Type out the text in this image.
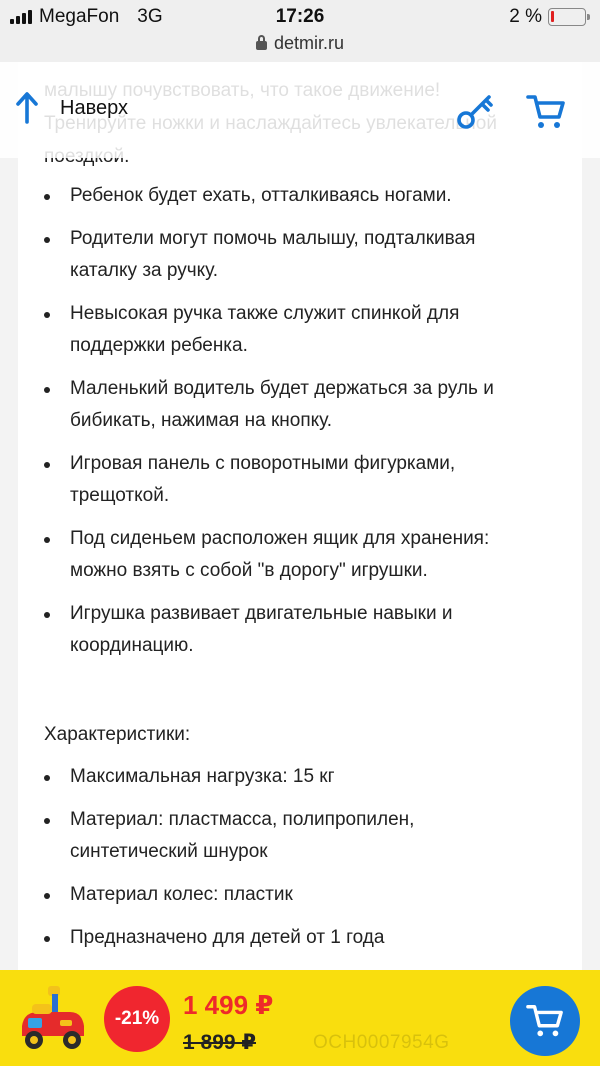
MegaFon 3G	17:26
detmir.ru
2 %
Ребенок будет ехать, отталкиваясь ногами.
Родители могут помочь малышу, подталкивая каталку за ручку.
Невысокая ручка также служит спинкой для поддержки ребенка.
Маленький водитель будет держаться за руль и бибикать, нажимая на кнопку.
Игровая панель с поворотными фигурками, трещоткой.
Под сиденьем расположен ящик для хранения: можно взять с собой "в дорогу" игрушки.
Игрушка развивает двигательные навыки и координацию.
Характеристики:
Максимальная нагрузка: 15 кг
Материал: пластмасса, полипропилен, синтетический шнурок
Материал колес: пластик
Предназначено для детей от 1 года
Наверх
-21% 1 499 ₽
1 899 ₽	OCH0007954G
